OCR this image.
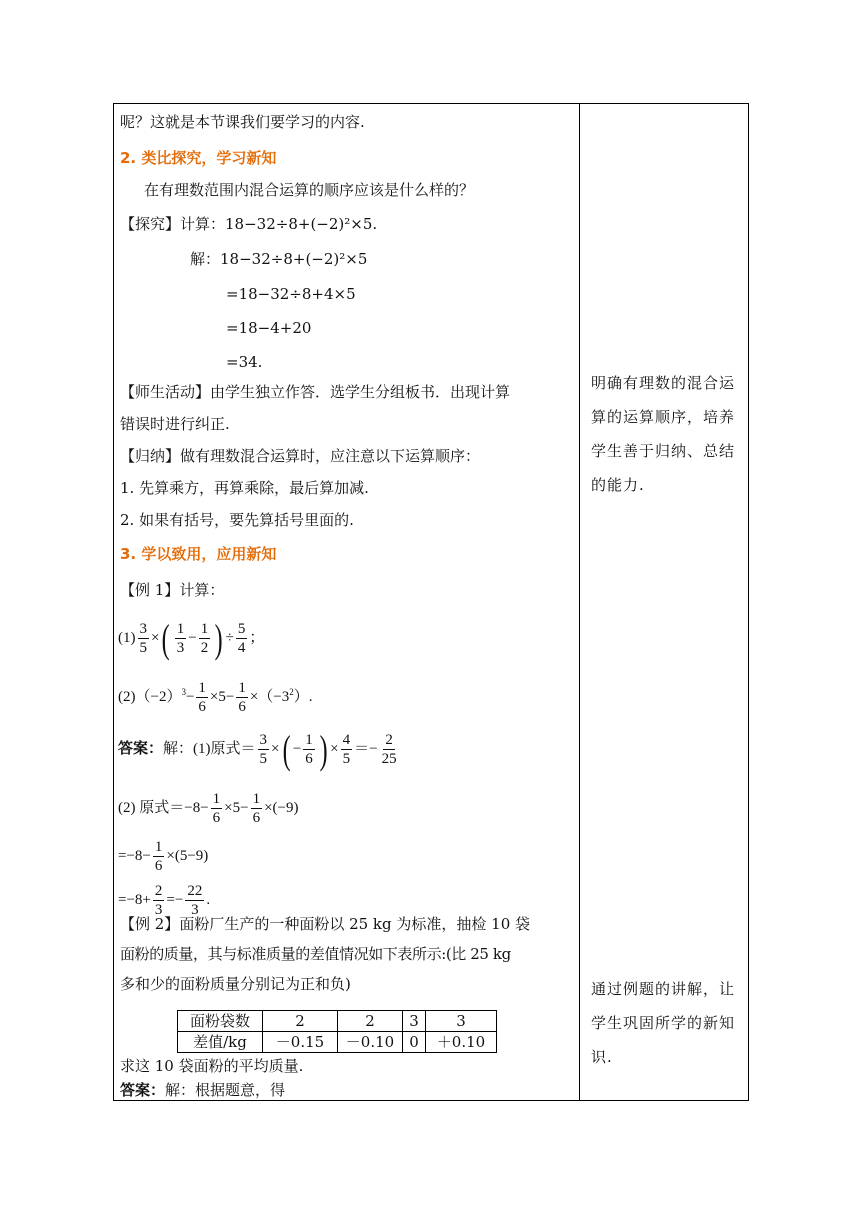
呢？这就是本节课我们要学习的内容.
2. 类比探究，学习新知
在有理数范围内混合运算的顺序应该是什么样的？
【探究】计算：18−32÷8+(−2)²×5.
解：18−32÷8+(−2)²×5
=18−32÷8+4×5
=18−4+20
=34.
【师生活动】由学生独立作答．选学生分组板书．出现计算
错误时进行纠正.
【归纳】做有理数混合运算时，应注意以下运算顺序：
1. 先算乘方，再算乘除，最后算加减.
2. 如果有括号，要先算括号里面的.
3. 学以致用，应用新知
【例 1】计算：
$(1) \frac{3}{5}$ ×( $\frac{1}{3} - \frac{1}{2}$ ) ÷ $\frac{5}{4}$ ；
$(2)(-2)^3- \frac{1}{6} \times 5- \frac{1}{6} \times(-3^2)$.
答案：解：(1)原式＝ $\frac{3}{5}$ ×( − $\frac{1}{6}$ ) × $\frac{4}{5} =- \frac{2}{25}$
(2) 原式$=-8- \frac{1}{6} \times 5- \frac{1}{6} \times(-9)$
$=-8- \frac{1}{6} \times(5-9)$
$=-8+ \frac{2}{3} =- \frac{22}{3}$ .
【例 2】面粉厂生产的一种面粉以 25 kg 为标准，抽检 10 袋
面粉的质量，其与标准质量的差值情况如下表所示:(比 25 kg
多和少的面粉质量分别记为正和负)
面粉袋数	2	2	3	3
差值/kg	－0.15	－0.10	0	＋0.10
求这 10 袋面粉的平均质量.
答案：解：根据题意，得
明确有理数的混合运算的运算顺序，培养学生善于归纳、总结的能力.
通过例题的讲解，让学生巩固所学的新知识.
